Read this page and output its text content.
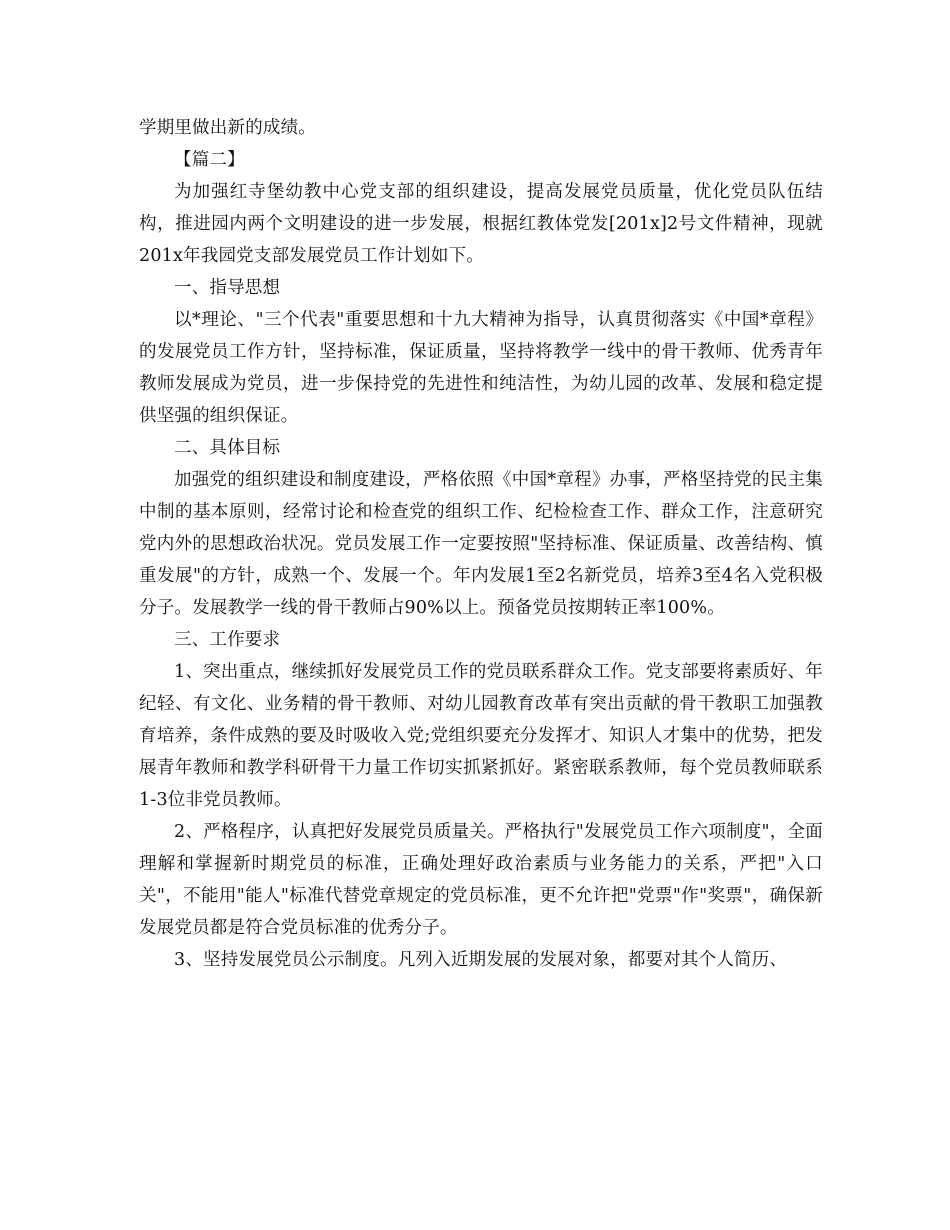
学期里做出新的成绩。

【篇二】

为加强红寺堡幼教中心党支部的组织建设，提高发展党员质量，优化党员队伍结构，推进园内两个文明建设的进一步发展，根据红教体党发[201x]2号文件精神，现就201x年我园党支部发展党员工作计划如下。

一、指导思想

以*理论、"三个代表"重要思想和十九大精神为指导，认真贯彻落实《中国*章程》的发展党员工作方针，坚持标准，保证质量，坚持将教学一线中的骨干教师、优秀青年教师发展成为党员，进一步保持党的先进性和纯洁性，为幼儿园的改革、发展和稳定提供坚强的组织保证。

二、具体目标

加强党的组织建设和制度建设，严格依照《中国*章程》办事，严格坚持党的民主集中制的基本原则，经常讨论和检查党的组织工作、纪检检查工作、群众工作，注意研究党内外的思想政治状况。党员发展工作一定要按照"坚持标准、保证质量、改善结构、慎重发展"的方针，成熟一个、发展一个。年内发展1至2名新党员，培养3至4名入党积极分子。发展教学一线的骨干教师占90%以上。预备党员按期转正率100%。

三、工作要求

1、突出重点，继续抓好发展党员工作的党员联系群众工作。党支部要将素质好、年纪轻、有文化、业务精的骨干教师、对幼儿园教育改革有突出贡献的骨干教职工加强教育培养，条件成熟的要及时吸收入党;党组织要充分发挥才、知识人才集中的优势，把发展青年教师和教学科研骨干力量工作切实抓紧抓好。紧密联系教师，每个党员教师联系1-3位非党员教师。

2、严格程序，认真把好发展党员质量关。严格执行"发展党员工作六项制度"，全面理解和掌握新时期党员的标准，正确处理好政治素质与业务能力的关系，严把"入口关"，不能用"能人"标准代替党章规定的党员标准，更不允许把"党票"作"奖票"，确保新发展党员都是符合党员标准的优秀分子。

3、坚持发展党员公示制度。凡列入近期发展的发展对象，都要对其个人简历、
